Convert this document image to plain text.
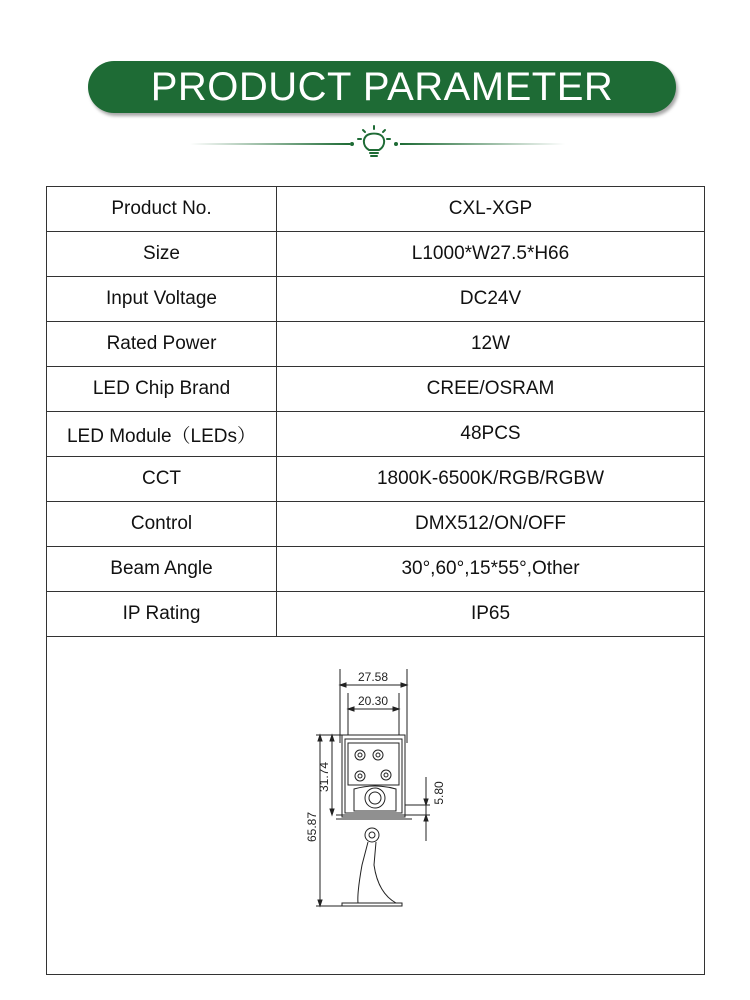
PRODUCT PARAMETER
Product No.	CXL-XGP
Size	L1000*W27.5*H66
Input Voltage	DC24V
Rated Power	12W
LED Chip Brand	CREE/OSRAM
LED Module（LEDs）	48PCS
CCT	1800K-6500K/RGB/RGBW
Control	DMX512/ON/OFF
Beam Angle	30°,60°,15*55°,Other
IP Rating	IP65
27.58
20.30
31.74
65.87
5.80
